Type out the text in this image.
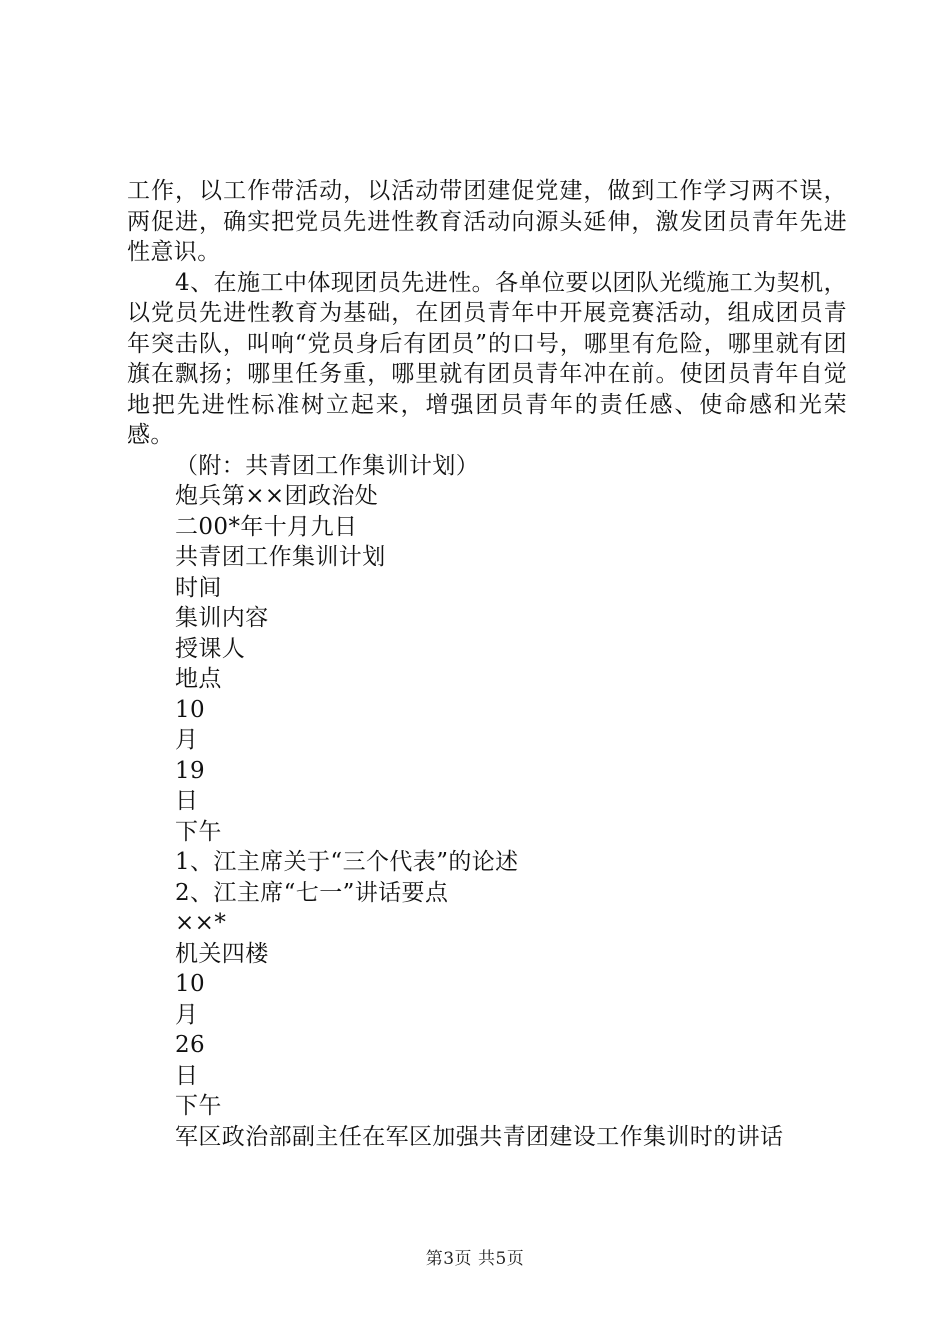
工作，以工作带活动，以活动带团建促党建，做到工作学习两不误，两促进，确实把党员先进性教育活动向源头延伸，激发团员青年先进性意识。

4、在施工中体现团员先进性。各单位要以团队光缆施工为契机，以党员先进性教育为基础，在团员青年中开展竞赛活动，组成团员青年突击队，叫响“党员身后有团员”的口号，哪里有危险，哪里就有团旗在飘扬；哪里任务重，哪里就有团员青年冲在前。使团员青年自觉地把先进性标准树立起来，增强团员青年的责任感、使命感和光荣感。

（附：共青团工作集训计划）
炮兵第××团政治处
二00*年十月九日
共青团工作集训计划
时间
集训内容
授课人
地点
10
月
19
日
下午
1、江主席关于“三个代表”的论述
2、江主席“七一”讲话要点
××*
机关四楼
10
月
26
日
下午

军区政治部副主任在军区加强共青团建设工作集训时的讲话

第3页 共5页
